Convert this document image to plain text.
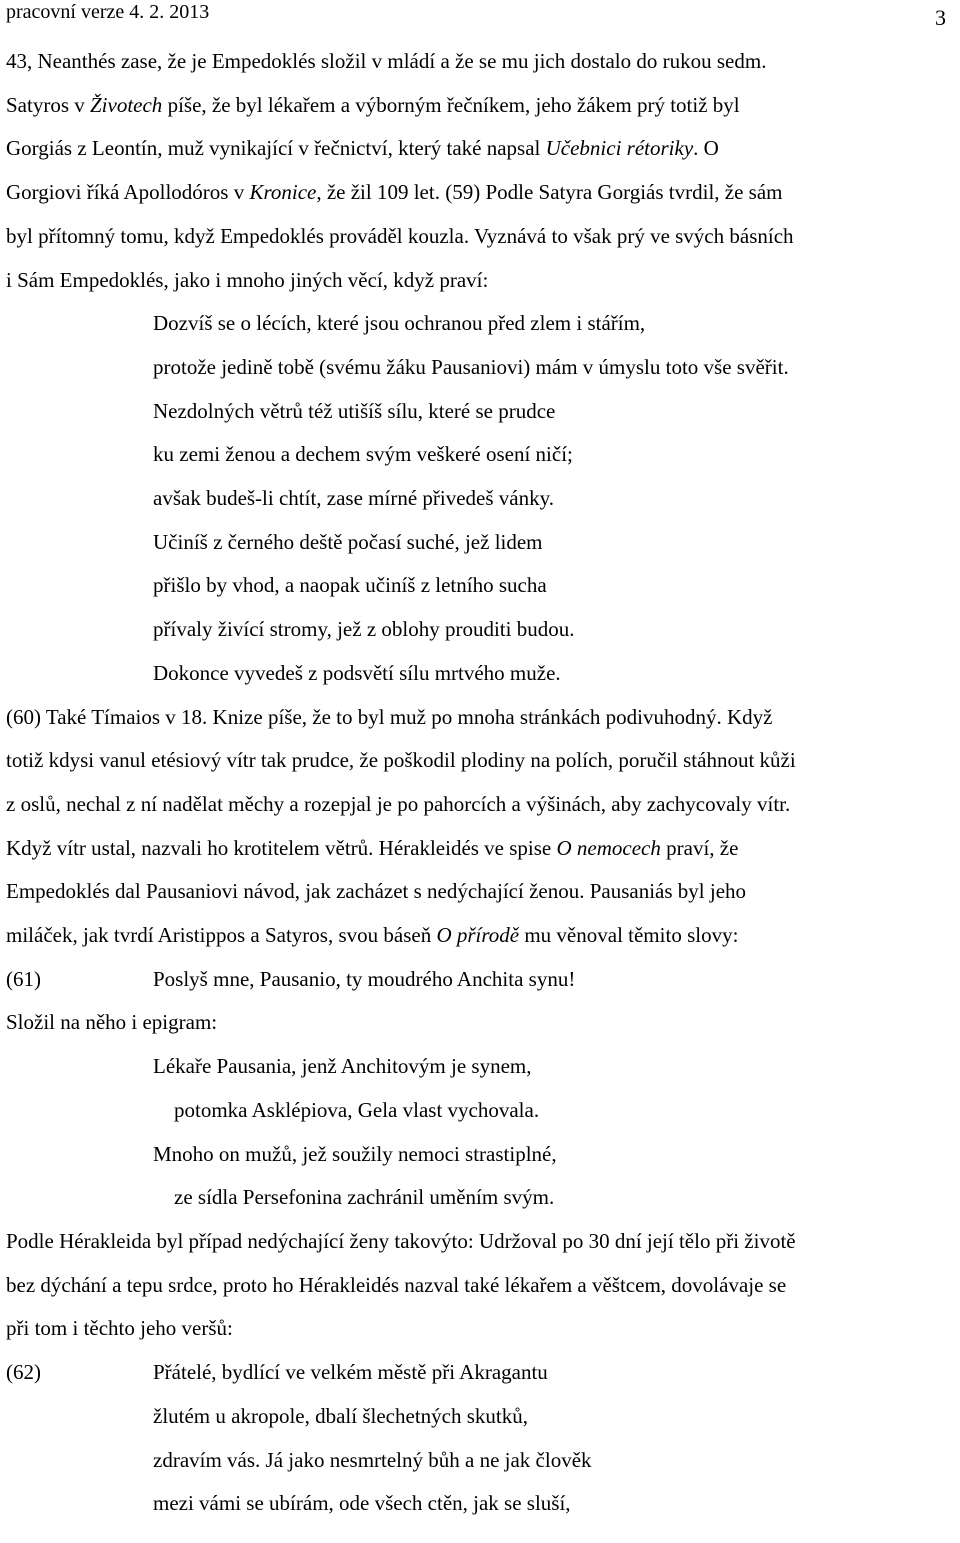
pracovní verze 4. 2. 2013	3
43, Neanthés zase, že je Empedoklés složil v mládí a že se mu jich dostalo do rukou sedm.
Satyros v Životech píše, že byl lékařem a výborným řečníkem, jeho žákem prý totiž byl
Gorgiás z Leontín, muž vynikající v řečnictví, který také napsal Učebnici rétoriky. O
Gorgiovi říká Apollodóros v Kronice, že žil 109 let. (59) Podle Satyra Gorgiás tvrdil, že sám
byl přítomný tomu, když Empedoklés prováděl kouzla. Vyznává to však prý ve svých básních
i Sám Empedoklés, jako i mnoho jiných věcí, když praví:
Dozvíš se o lécích, které jsou ochranou před zlem i stářím,
protože jedině tobě (svému žáku Pausaniovi) mám v úmyslu toto vše svěřit.
Nezdolných větrů též utišíš sílu, které se prudce
ku zemi ženou a dechem svým veškeré osení ničí;
avšak budeš-li chtít, zase mírné přivedeš vánky.
Učiníš z černého deště počasí suché, jež lidem
přišlo by vhod, a naopak učiníš z letního sucha
přívaly živící stromy, jež z oblohy prouditi budou.
Dokonce vyvedeš z podsvětí sílu mrtvého muže.
(60) Také Tímaios v 18. Knize píše, že to byl muž po mnoha stránkách podivuhodný. Když
totiž kdysi vanul etésiový vítr tak prudce, že poškodil plodiny na polích, poručil stáhnout kůži
z oslů, nechal z ní nadělat měchy a rozepjal je po pahorcích a výšinách, aby zachycovaly vítr.
Když vítr ustal, nazvali ho krotitelem větrů. Hérakleidés ve spise O nemocech praví, že
Empedoklés dal Pausaniovi návod, jak zacházet s nedýchající ženou. Pausaniás byl jeho
miláček, jak tvrdí Aristippos a Satyros, svou báseň O přírodě mu věnoval těmito slovy:
(61)	Poslyš mne, Pausanio, ty moudrého Anchita synu!
Složil na něho i epigram:
Lékaře Pausania, jenž Anchitovým je synem,
potomka Asklépiova, Gela vlast vychovala.
Mnoho on mužů, jež soužily nemoci strastiplné,
ze sídla Persefonina zachránil uměním svým.
Podle Hérakleida byl případ nedýchající ženy takovýto: Udržoval po 30 dní její tělo při životě
bez dýchání a tepu srdce, proto ho Hérakleidés nazval také lékařem a věštcem, dovolávaje se
při tom i těchto jeho veršů:
(62)	Přátelé, bydlící ve velkém městě při Akragantu
žlutém u akropole, dbalí šlechetných skutků,
zdravím vás. Já jako nesmrtelný bůh a ne jak člověk
mezi vámi se ubírám, ode všech ctěn, jak se sluší,
